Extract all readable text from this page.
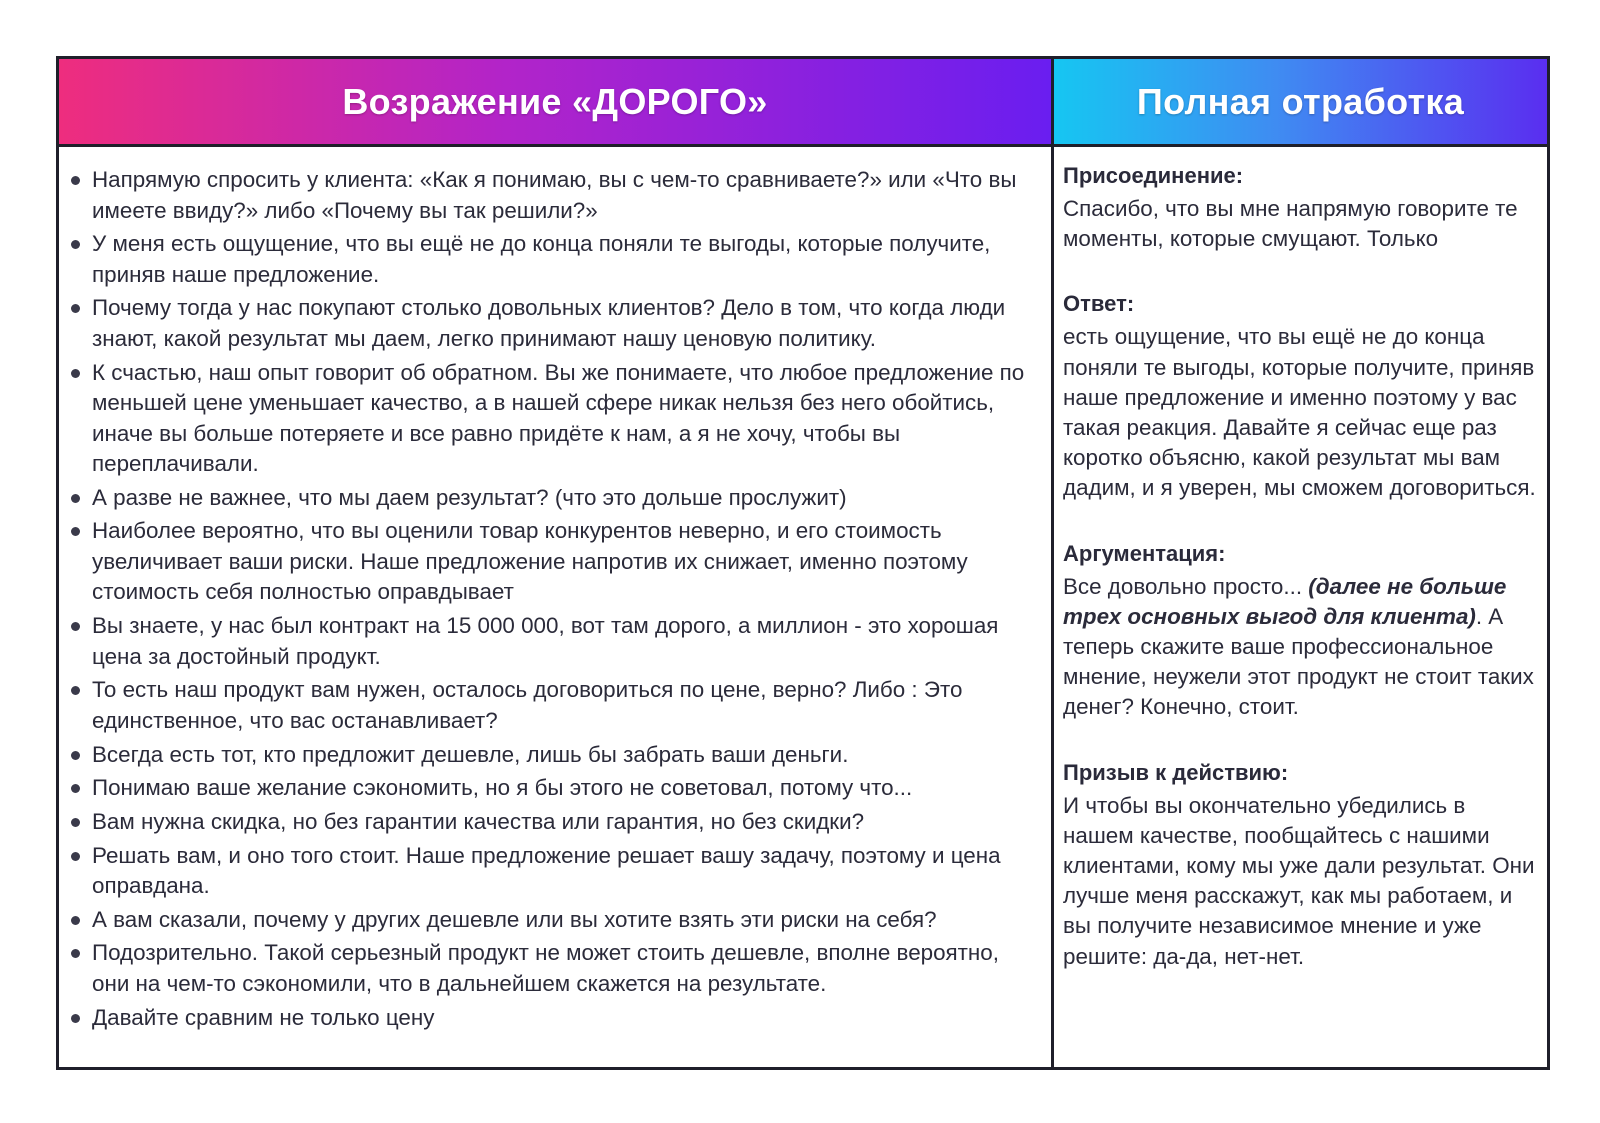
Возражение «ДОРОГО»	Полная отработка
Напрямую спросить у клиента: «Как я понимаю, вы с чем-то сравниваете?» или «Что вы имеете ввиду?» либо «Почему вы так решили?»
У меня есть ощущение, что вы ещё не до конца поняли те выгоды, которые получите, приняв наше предложение.
Почему тогда у нас покупают столько довольных клиентов? Дело в том, что когда люди знают, какой результат мы даем, легко принимают нашу ценовую политику.
К счастью, наш опыт говорит об обратном. Вы же понимаете, что любое предложение по меньшей цене уменьшает качество, а в нашей сфере никак нельзя без него обойтись, иначе вы больше потеряете и все равно придёте к нам, а я не хочу, чтобы вы переплачивали.
А разве не важнее, что мы даем результат? (что это дольше прослужит)
Наиболее вероятно, что вы оценили товар конкурентов неверно, и его стоимость увеличивает ваши риски. Наше предложение напротив их снижает, именно поэтому стоимость себя полностью оправдывает
Вы знаете, у нас был контракт на 15 000 000, вот там дорого, а миллион - это хорошая цена за достойный продукт.
То есть наш продукт вам нужен, осталось договориться по цене, верно? Либо : Это единственное, что вас останавливает?
Всегда есть тот, кто предложит дешевле, лишь бы забрать ваши деньги.
Понимаю ваше желание сэкономить, но я бы этого не советовал, потому что...
Вам нужна скидка, но без гарантии качества или гарантия, но без скидки?
Решать вам, и оно того стоит. Наше предложение решает вашу задачу, поэтому и цена оправдана.
А вам сказали, почему у других дешевле или вы хотите взять эти риски на себя?
Подозрительно. Такой серьезный продукт не может стоить дешевле, вполне вероятно, они на чем-то сэкономили, что в дальнейшем скажется на результате.
Давайте сравним не только цену

Присоединение:

Спасибо, что вы мне напрямую говорите те моменты, которые смущают. Только

Ответ:

есть ощущение, что вы ещё не до конца поняли те выгоды, которые получите, приняв наше предложение и именно поэтому у вас такая реакция. Давайте я сейчас еще раз коротко объясню, какой результат мы вам дадим, и я уверен, мы сможем договориться.

Аргументация:

Все довольно просто... (далее не больше трех основных выгод для клиента). А теперь скажите ваше профессиональное мнение, неужели этот продукт не стоит таких денег? Конечно, стоит.

Призыв к действию:

И чтобы вы окончательно убедились в нашем качестве, пообщайтесь с нашими клиентами, кому мы уже дали результат. Они лучше меня расскажут, как мы работаем, и вы получите независимое мнение и уже решите: да-да, нет-нет.
